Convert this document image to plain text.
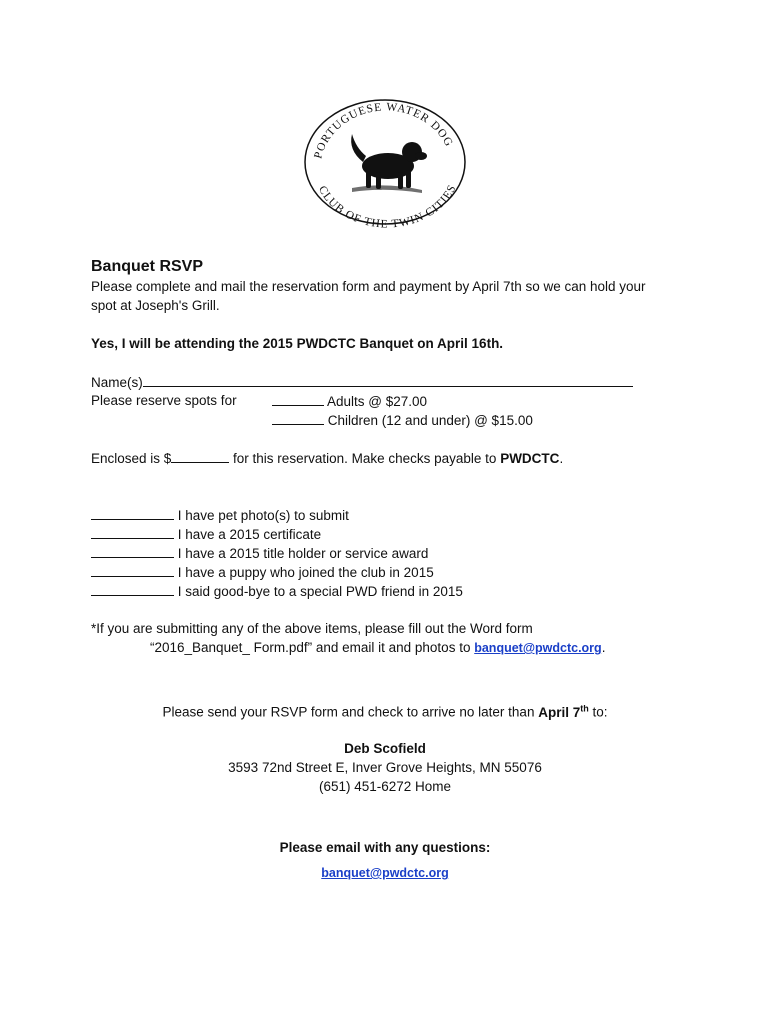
PORTUGUESE WATER DOG
CLUB OF THE TWIN CITIES
Banquet RSVP
Please complete and mail the reservation form and payment by April 7th so we can hold your
spot at Joseph's Grill.
Yes, I will be attending the 2015 PWDCTC Banquet on April 16th.
Name(s)
Please reserve spots for	Adults @ $27.00
Children (12 and under) @ $15.00
Enclosed is $	for this reservation. Make checks payable to PWDCTC.
I have pet photo(s) to submit
I have a 2015 certificate
I have a 2015 title holder or service award
I have a puppy who joined the club in 2015
I said good-bye to a special PWD friend in 2015
*If you are submitting any of the above items, please fill out the Word form
“2016_Banquet_ Form.pdf” and email it and photos to banquet@pwdctc.org.
Please send your RSVP form and check to arrive no later than April 7th to:
Deb Scofield
3593 72nd Street E, Inver Grove Heights, MN 55076
(651) 451-6272 Home
Please email with any questions:
banquet@pwdctc.org
